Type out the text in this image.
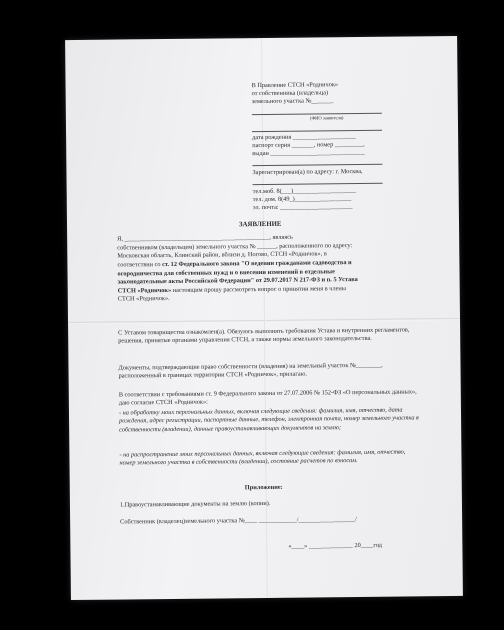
В Правление СТСН «Родничок»
от собственника (владельца)
земельного участка №_______
(ФИО заявителя)
дата рождения ____________________
паспорт серия _______, номер _________,
выдан ______________________________
Зарегистрирован(а) по адресу: г. Москва,
тел.моб. 8(___)____________________
тел. дом. 8(49_)__________________
эл. почта: _______________________
ЗАЯВЛЕНИЕ
Я, ______________________________________________, являясь
собственником (владельцем) земельного участка № ______, расположенного по адресу:
Московская область, Клинский район, вблизи д. Ногово, СТСН «Родничок», в
соответствии со ст. 12 Федерального закона "О ведении гражданами садоводства и
огородничества для собственных нужд и о внесении изменений в отдельные
законодательные акты Российской Федерации" от 29.07.2017 N 217-ФЗ и п. 5 Устава
СТСН «Родничок» настоящим прошу рассмотреть вопрос о принятии меня в члены
СТСН «Родничок».
С Уставом товарищества ознакомлен(а). Обязуюсь выполнять требования Устава и внутренних регламентов, решения, принятые органами управления СТСН, а также нормы земельного законодательства.
Документы, подтверждающие право собственности (владения) на земельный участок №________, расположенный в границах территории СТСН «Родничок», прилагаю.
В соответствии с требованиями ст. 9 Федерального закона от 27.07.2006 № 152-ФЗ «О персональных данных», даю согласие СТСН «Родничок»:
- на обработку моих персональных данных, включая следующие сведения: фамилия, имя, отчество, дата рождения, адрес регистрации, паспортные данные, телефон, электронная почта, номер земельного участка в собственности (владении), данные правоустанавливающих документов на землю;
- на распространение моих персональных данных, включая следующие сведения: фамилия, имя, отчество, номер земельного участка в собственности (владении), состояние расчетов по взносам.
Приложение:
1.Правоустанавливающие документы на землю (копии).
Собственник (владелец)земельного участка №____ ____________/__________________/
«____» ______________ 20____год
